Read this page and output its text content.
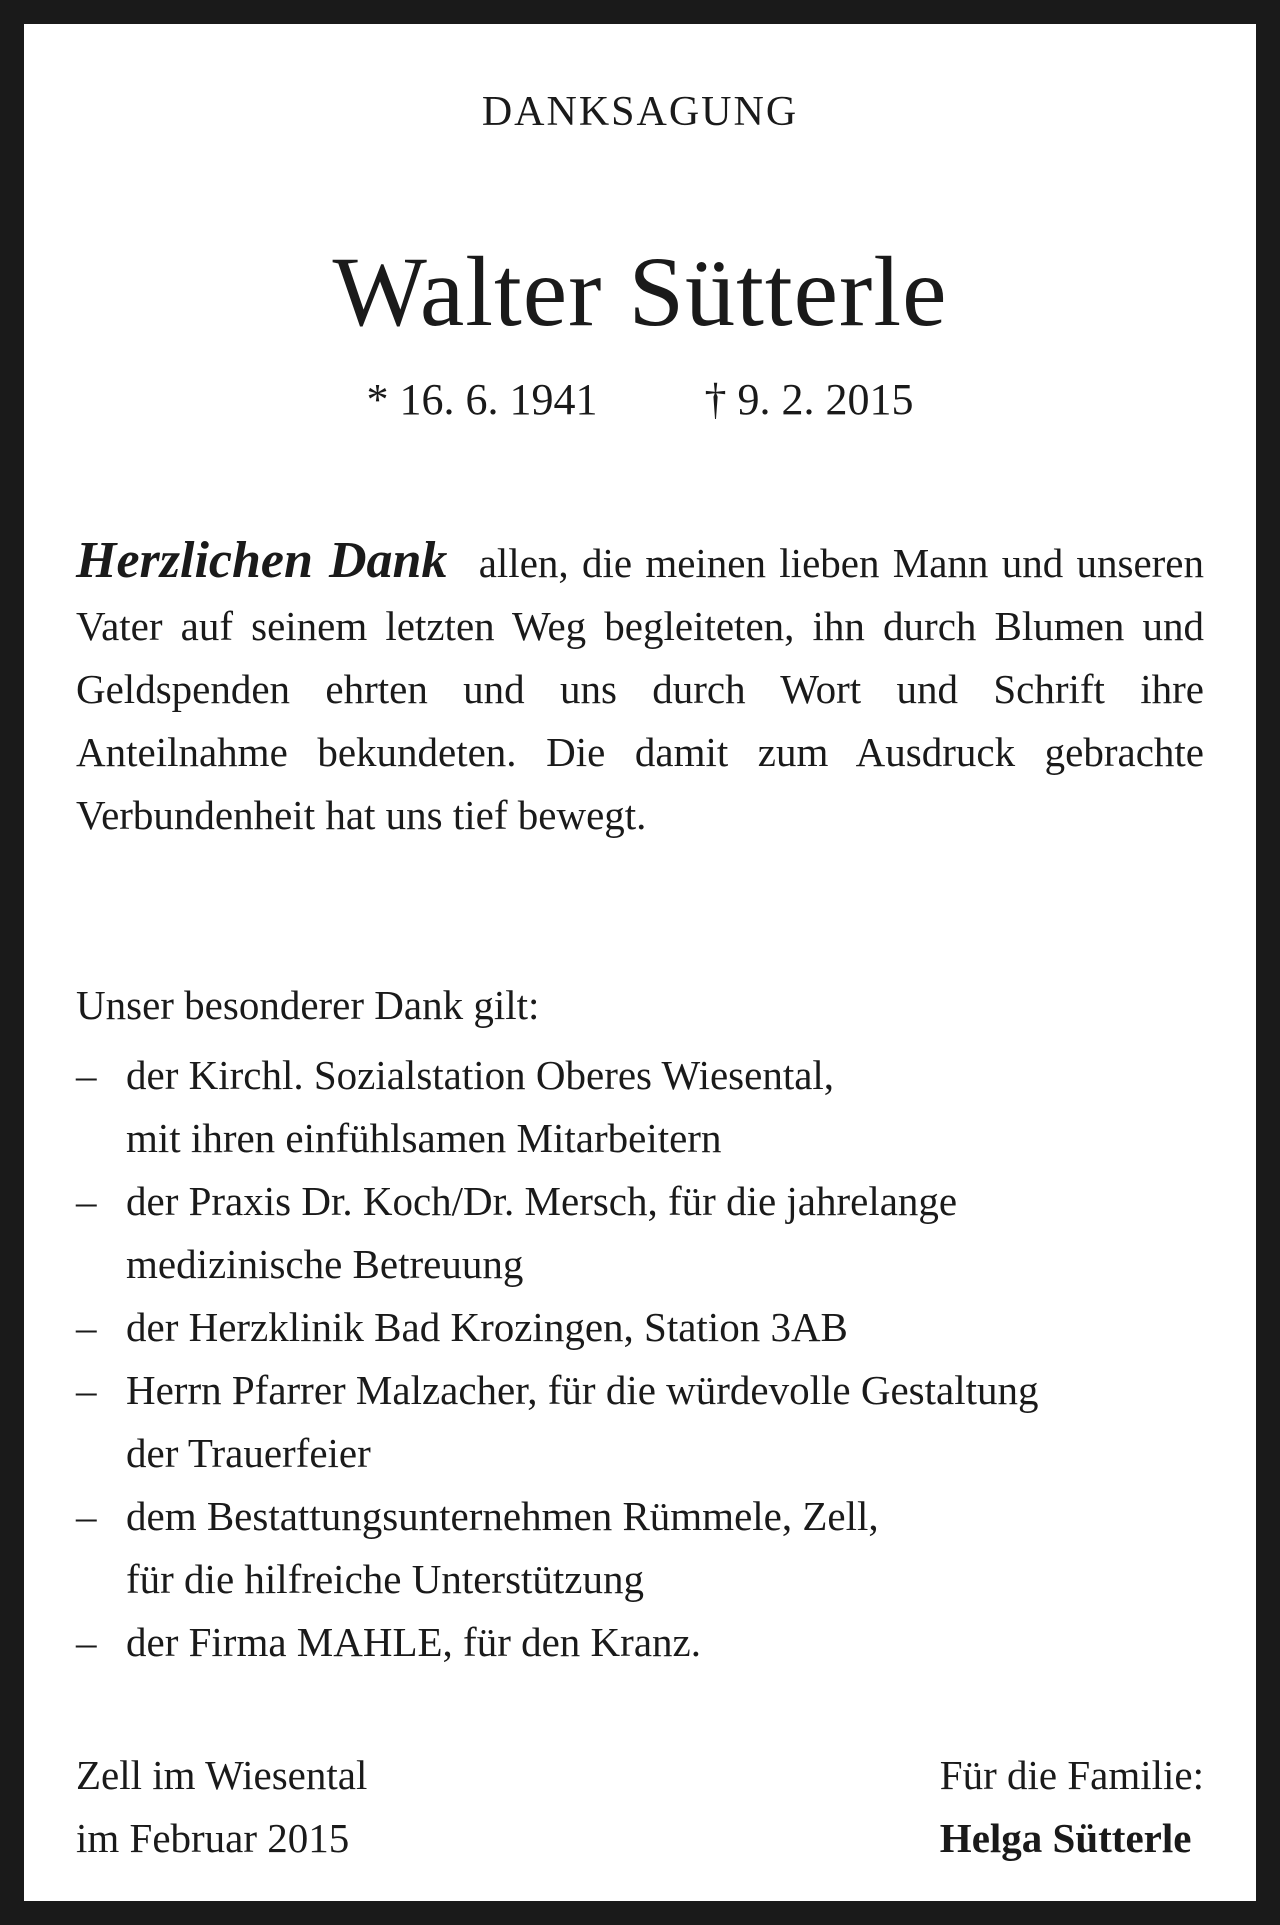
DANKSAGUNG
Walter Sütterle
* 16. 6. 1941 † 9. 2. 2015
Herzlichen Dank allen, die meinen lieben Mann und unseren Vater auf seinem letzten Weg begleiteten, ihn durch Blumen und Geldspenden ehrten und uns durch Wort und Schrift ihre Anteilnahme bekundeten. Die damit zum Ausdruck gebrachte Verbundenheit hat uns tief bewegt.
Unser besonderer Dank gilt:
– der Kirchl. Sozialstation Oberes Wiesental,
mit ihren einfühlsamen Mitarbeitern
– der Praxis Dr. Koch/Dr. Mersch, für die jahrelange
medizinische Betreuung
– der Herzklinik Bad Krozingen, Station 3AB
– Herrn Pfarrer Malzacher, für die würdevolle Gestaltung
der Trauerfeier
– dem Bestattungsunternehmen Rümmele, Zell,
für die hilfreiche Unterstützung
– der Firma MAHLE, für den Kranz.
Zell im Wiesental
im Februar 2015
Für die Familie:
Helga Sütterle
